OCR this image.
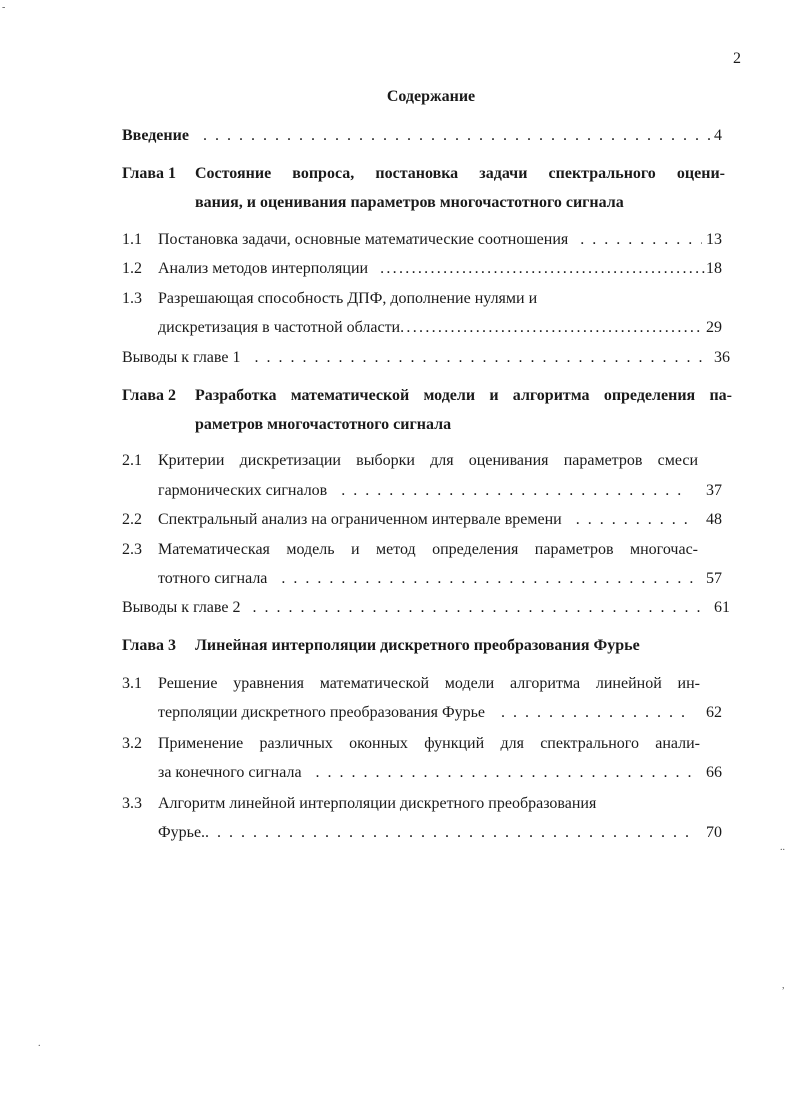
2
Содержание
Введение . . .	4
Глава 1 Состояние вопроса, постановка задачи спектрального оцени-
вания, и оценивания параметров многочастотного сигнала
1.1 Постановка задачи, основные математические соотношения . . .	13
1.2 Анализ методов интерполяции .....	18
1.3 Разрешающая способность ДПФ, дополнение нулями и
дискретизация в частотной области .....	29
Выводы к главе 1 . . .	36
Глава 2 Разработка математической модели и алгоритма определения па-
раметров многочастотного сигнала
2.1 Критерии дискретизации выборки для оценивания параметров смеси
гармонических сигналов . . .	37
2.2 Спектральный анализ на ограниченном интервале времени . . .	48
2.3 Математическая модель и метод определения параметров многочас-
тотного сигнала . . .	57
Выводы к главе 2 . . .	61
Глава 3 Линейная интерполяции дискретного преобразования Фурье
3.1 Решение уравнения математической модели алгоритма линейной ин-
терполяции дискретного преобразования Фурье . . .	62
3.2 Применение различных оконных функций для спектрального анали-
за конечного сигнала . . .	66
3.3 Алгоритм линейной интерполяции дискретного преобразования
Фурье. . . .	70
-
..
,
.
